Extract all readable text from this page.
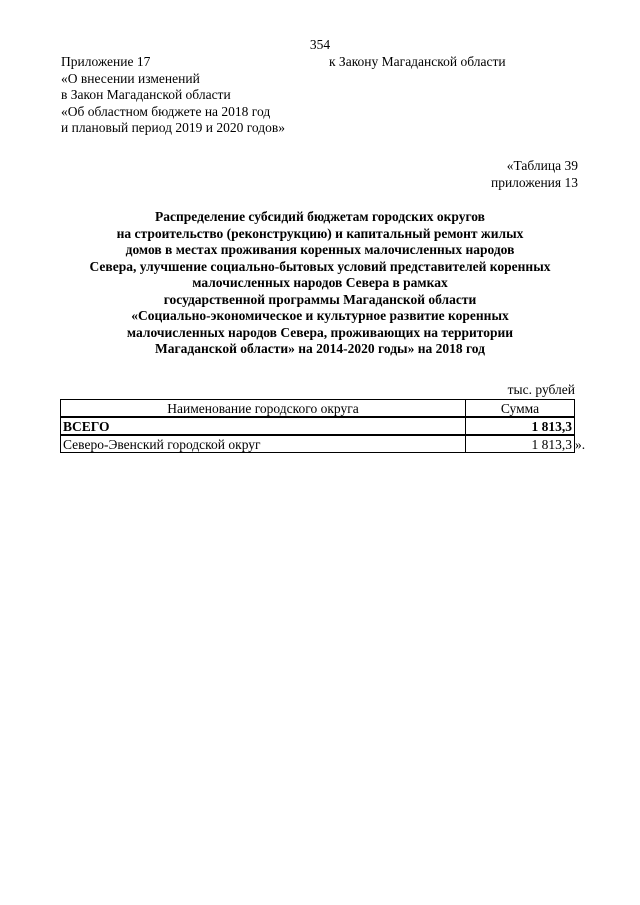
354
Приложение 17
«О внесении изменений
в Закон Магаданской области
«Об областном бюджете на 2018 год
и плановый период 2019 и 2020 годов»
к Закону Магаданской области
«Таблица 39
приложения 13
Распределение субсидий бюджетам городских округов
на строительство (реконструкцию) и капитальный ремонт жилых
домов в местах проживания коренных малочисленных народов
Севера, улучшение социально-бытовых условий представителей коренных
малочисленных народов Севера в рамках
государственной программы Магаданской области
«Социально-экономическое и культурное развитие коренных
малочисленных народов Севера, проживающих на территории
Магаданской области» на 2014-2020 годы» на 2018 год
тыс. рублей
Наименование городского округа	Сумма
ВСЕГО	1 813,3
Северо-Эвенский городской округ	1 813,3 ».
